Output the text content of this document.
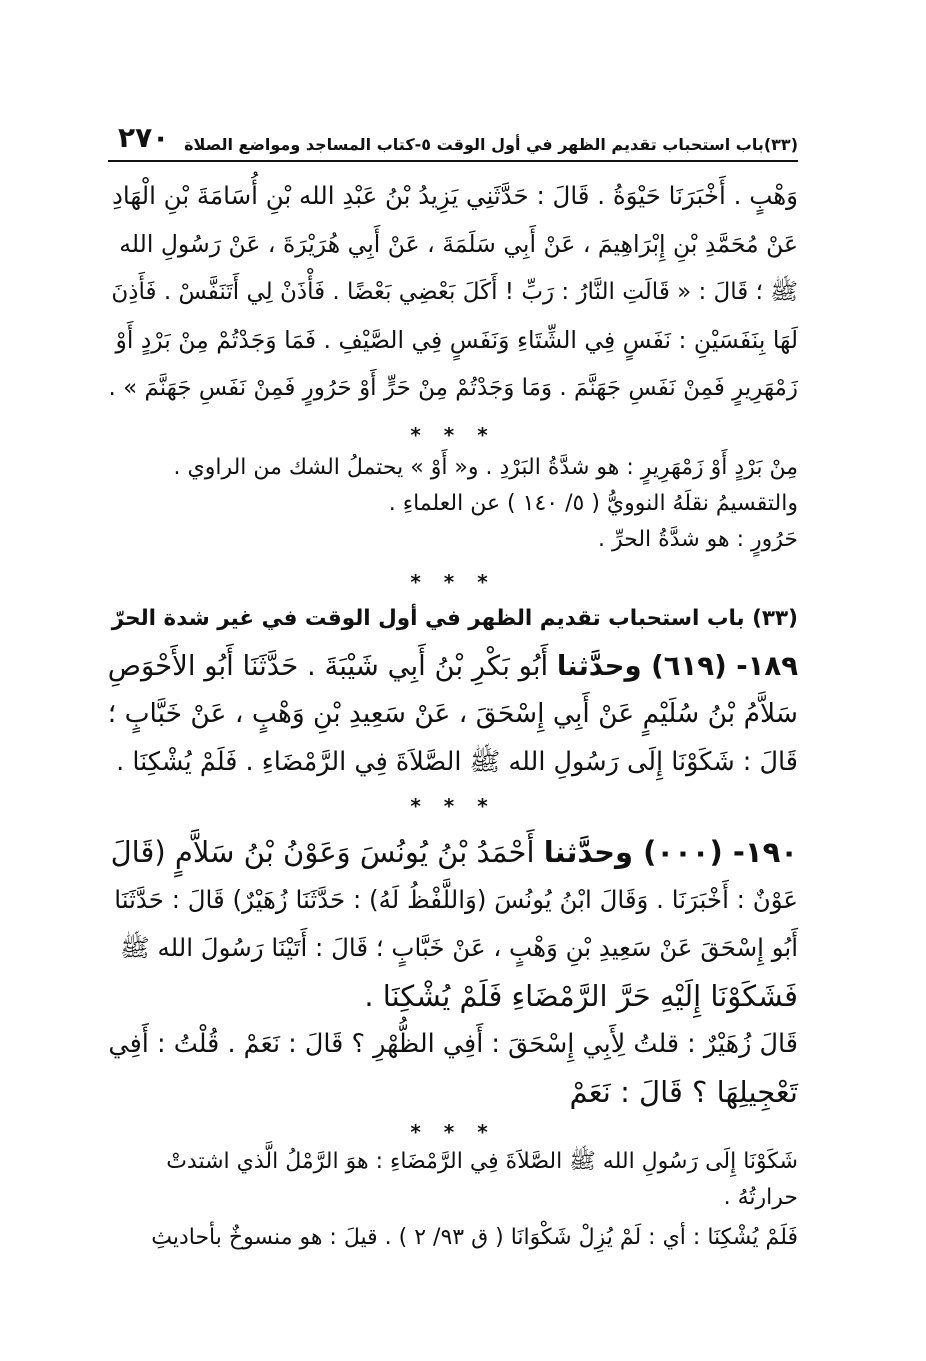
(٣٣)باب استحباب تقديم الظهر في أول الوقت ٥-كتاب المساجد ومواضع الصلاة
٢٧٠
وَهْبٍ . أَخْبَرَنَا حَيْوَةُ . قَالَ : حَدَّثَنِي يَزِيدُ بْنُ عَبْدِ الله بْنِ أُسَامَةَ بْنِ الْهَادِ
عَنْ مُحَمَّدِ بْنِ إِبْرَاهِيمَ ، عَنْ أَبِي سَلَمَةَ ، عَنْ أَبِي هُرَيْرَةَ ، عَنْ رَسُولِ الله
ﷺ ؛ قَالَ : « قَالَتِ النَّارُ : رَبِّ ! أَكَلَ بَعْضِي بَعْضًا . فَأْذَنْ لِي أَتَنَفَّسْ . فَأَذِنَ
لَهَا بِنَفَسَيْنِ : نَفَسٍ فِي الشِّتَاءِ وَنَفَسٍ فِي الصَّيْفِ . فَمَا وَجَدْتُمْ مِنْ بَرْدٍ أَوْ
زَمْهَرِيرٍ فَمِنْ نَفَسِ جَهَنَّمَ . وَمَا وَجَدْتُمْ مِنْ حَرٍّ أَوْ حَرُورٍ فَمِنْ نَفَسِ جَهَنَّمَ » .
* * *
مِنْ بَرْدٍ أَوْ زَمْهَرِيرٍ : هو شدَّةُ البَرْدِ . و« أَوْ » يحتملُ الشك من الراوي .
والتقسيمُ نقلَهُ النوويُّ ( ٥/ ١٤٠ ) عن العلماءِ .
حَرُورٍ : هو شدَّةُ الحرِّ .
* * *
(٣٣) باب استحباب تقديم الظهر في أول الوقت في غير شدة الحرّ
١٨٩- (٦١٩) وحدَّثنا أَبُو بَكْرِ بْنُ أَبِي شَيْبَةَ . حَدَّثَنَا أَبُو الأَحْوَصِ
سَلاَّمُ بْنُ سُلَيْمٍ عَنْ أَبِي إِسْحَقَ ، عَنْ سَعِيدِ بْنِ وَهْبٍ ، عَنْ خَبَّابٍ ؛
قَالَ : شَكَوْنَا إِلَى رَسُولِ الله ﷺ الصَّلاَةَ فِي الرَّمْضَاءِ . فَلَمْ يُشْكِنَا .
* * *
١٩٠- (٠٠٠) وحدَّثنا أَحْمَدُ بْنُ يُونُسَ وَعَوْنُ بْنُ سَلاَّمٍ (قَالَ
عَوْنٌ : أَخْبَرَنَا . وَقَالَ ابْنُ يُونُسَ (وَاللَّفْظُ لَهُ) : حَدَّثَنَا زُهَيْرٌ) قَالَ : حَدَّثَنَا
أَبُو إِسْحَقَ عَنْ سَعِيدِ بْنِ وَهْبٍ ، عَنْ خَبَّابٍ ؛ قَالَ : أَتَيْنَا رَسُولَ الله ﷺ
فَشَكَوْنَا إِلَيْهِ حَرَّ الرَّمْضَاءِ فَلَمْ يُشْكِنَا .
قَالَ زُهَيْرٌ : قلتُ لِأَبِي إِسْحَقَ : أَفِي الظُّهْرِ ؟ قَالَ : نَعَمْ . قُلْتُ : أَفِي
تَعْجِيلِهَا ؟ قَالَ : نَعَمْ
* * *
شَكَوْنَا إِلَى رَسُولِ الله ﷺ الصَّلاَةَ فِي الرَّمْضَاءِ : هوَ الرَّمْلُ الَّذي اشتدتْ
حرارتُهُ .
فَلَمْ يُشْكِنَا : أي : لَمْ يُزِلْ شَكْوَانَا ( ق ٩٣/ ٢ ) . قيلَ : هو منسوخٌ بأحاديثِ
